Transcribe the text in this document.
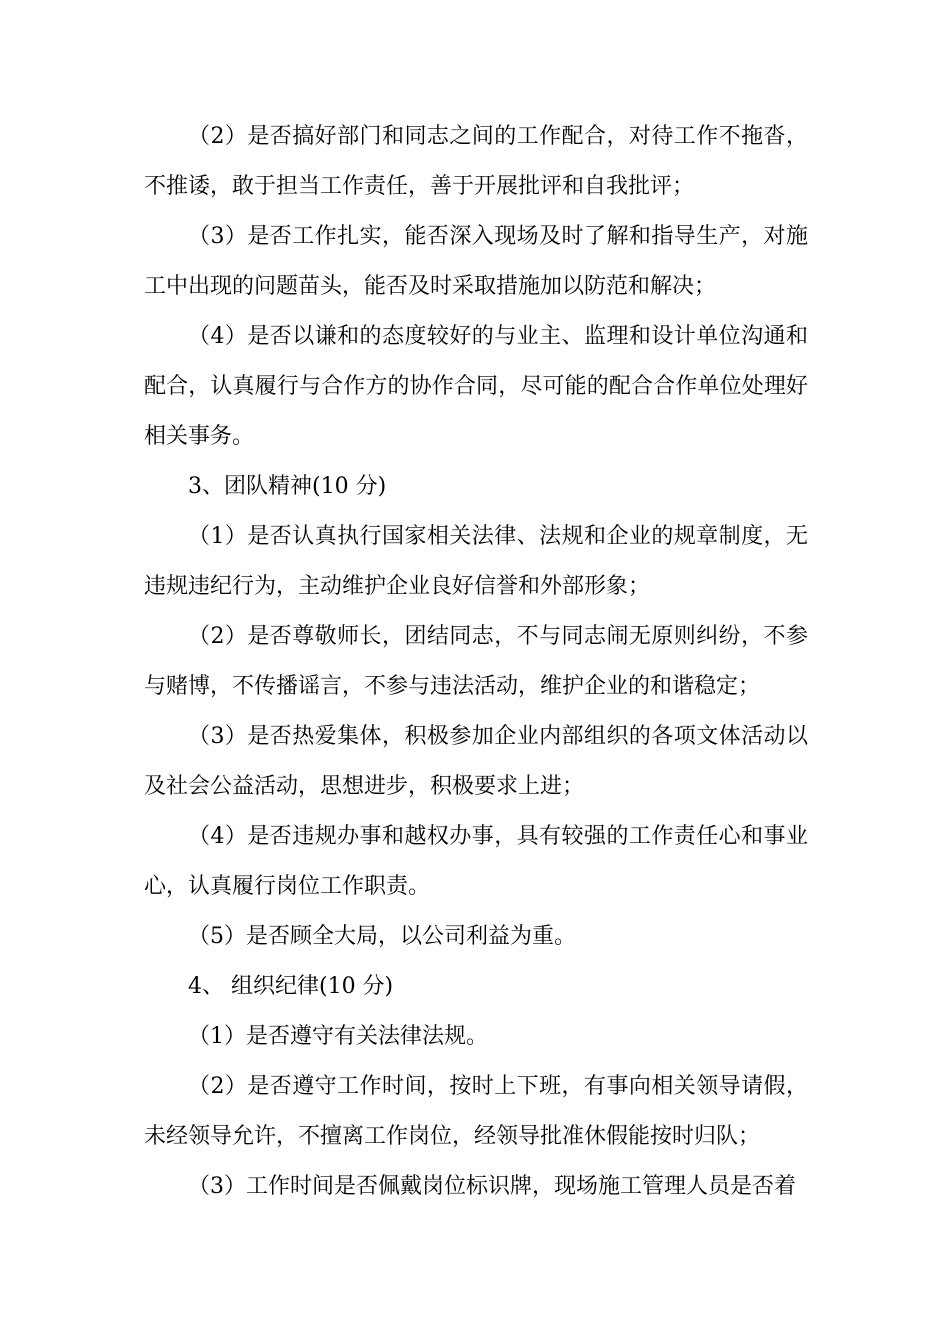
（2）是否搞好部门和同志之间的工作配合，对待工作不拖沓，不推诿，敢于担当工作责任，善于开展批评和自我批评；

（3）是否工作扎实，能否深入现场及时了解和指导生产，对施工中出现的问题苗头，能否及时采取措施加以防范和解决；

（4）是否以谦和的态度较好的与业主、监理和设计单位沟通和配合，认真履行与合作方的协作合同，尽可能的配合合作单位处理好相关事务。

3、团队精神(10 分)

（1）是否认真执行国家相关法律、法规和企业的规章制度，无违规违纪行为，主动维护企业良好信誉和外部形象；

（2）是否尊敬师长，团结同志，不与同志闹无原则纠纷，不参与赌博，不传播谣言，不参与违法活动，维护企业的和谐稳定；

（3）是否热爱集体，积极参加企业内部组织的各项文体活动以及社会公益活动，思想进步，积极要求上进；

（4）是否违规办事和越权办事，具有较强的工作责任心和事业心，认真履行岗位工作职责。

（5）是否顾全大局，以公司利益为重。

4、 组织纪律(10 分)

（1）是否遵守有关法律法规。

（2）是否遵守工作时间，按时上下班，有事向相关领导请假，未经领导允许，不擅离工作岗位，经领导批准休假能按时归队；

（3）工作时间是否佩戴岗位标识牌，现场施工管理人员是否着
